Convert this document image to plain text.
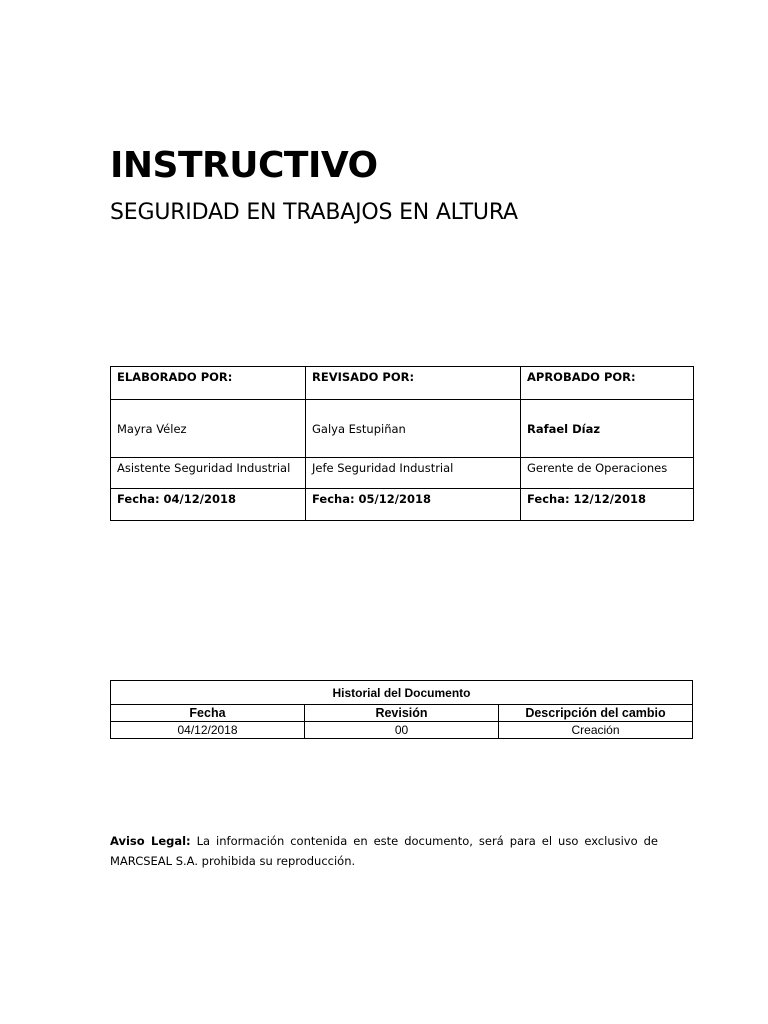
INSTRUCTIVO
SEGURIDAD EN TRABAJOS EN ALTURA
ELABORADO POR:	REVISADO POR:	APROBADO POR:
Mayra Vélez	Galya Estupiñan	Rafael Díaz
Asistente Seguridad Industrial	Jefe Seguridad Industrial	Gerente de Operaciones
Fecha: 04/12/2018	Fecha: 05/12/2018	Fecha: 12/12/2018
Historial del Documento		
Fecha	Revisión	Descripción del cambio
04/12/2018	00	Creación

Aviso Legal: La información contenida en este documento, será para el uso exclusivo de MARCSEAL S.A. prohibida su reproducción.
